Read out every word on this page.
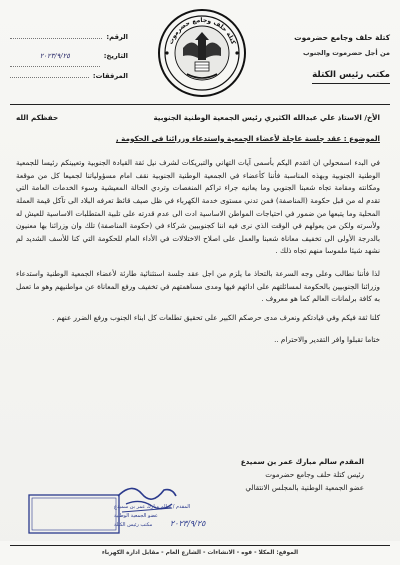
كتلة حلف وجامع حضرموت
من أجل حضرموت والجنوب
مكتب رئيس الكتلة
كتلة حلف وجامع حضرموت
الرقم:
التاريخ:
٢٠٢٣/٩/٢٥
المرفقات:
الأخ/ الاستاذ علي عبدالله الكثيري رئيس الجمعية الوطنية الجنوبية
حفظكم الله
الموضوع : عقد جلسة عاجلة لأعضاء الجمعية واستدعاء وزرائنا في الحكومة ,

في البدء اسمحولي ان اتقدم اليكم بأسمى آيات التهاني والتبريكات لشرف نيل ثقة القيادة الجنوبية وتعيينكم رئيسا للجمعية الوطنية الجنوبية وبهذه المناسبة فأننا كأعضاء في الجمعية الوطنية الجنوبية نقف امام مسؤولياتنا لجميعا كل من موقعة ومكانته ومقامة تجاه شعبنا الجنوبي وما يعانيه جراء تراكم المنغصات وتردي الحالة المعيشية وسوء الخدمات العامة التي تقدم له من قبل حكومة (المناصفة) فمن تدني مستوى خدمة الكهرباء في ظل صيف قائظ تعرفه البلاد الى تآكل قيمة العملة المحلية وما يتبعها من ضمور في احتياجات المواطن الاساسية ادت الى عدم قدرته على تلبية المتطلبات الاساسية للعيش له ولأسرته ولكن من يعولهم في الوقت الذي نرى فيه اننا كجنوبيين شركاء في (حكومة المناصفة) تلك وان وزرائنا بها معنيون بالدرجة الأولى الى تخفيف معاناة شعبنا والعمل على اصلاح الاختلالات في الأداء العام للحكومة التي كنا للأسف الشديد لم نشهد شيئا ملموسا منهم تجاه ذلك .

لذا فأننا نطالب وعلى وجه السرعة بالتحاذ ما يلزم من اجل عقد جلسة استثنائية طارئة لأعضاء الجمعية الوطنية واستدعاء وزرائنا الجنوبيين بالحكومة لمسائلتهم على ادائهم فيها ومدى مساهمتهم في تخفيف ورفع المعاناة عن مواطنيهم وهو ما تعمل به كافة برلمانات العالم كما هو معروف .

كلنا ثقة فيكم وفي قيادتكم ونعرف مدى حرصكم الكبير على تحقيق تطلعات كل ابناء الجنوب ورفع الضرر عنهم .

ختاما تقبلوا وافر التقدير والاحترام ..

المقدم سالم مبارك عمر بن سميدع
رئيس كتلة حلف وجامع حضرموت
عضو الجمعية الوطنية بالمجلس الانتقالي
٢٠٢٣/٩/٢٥
المقدم / سالم مبارك عمر بن سميدع
عضو الجمعية الوطنية
مكتب رئيس الكتلة
الموقع: المكلا - فوه - الانشاءات - الشارع العام - مقابل ادارة الكهرباء
